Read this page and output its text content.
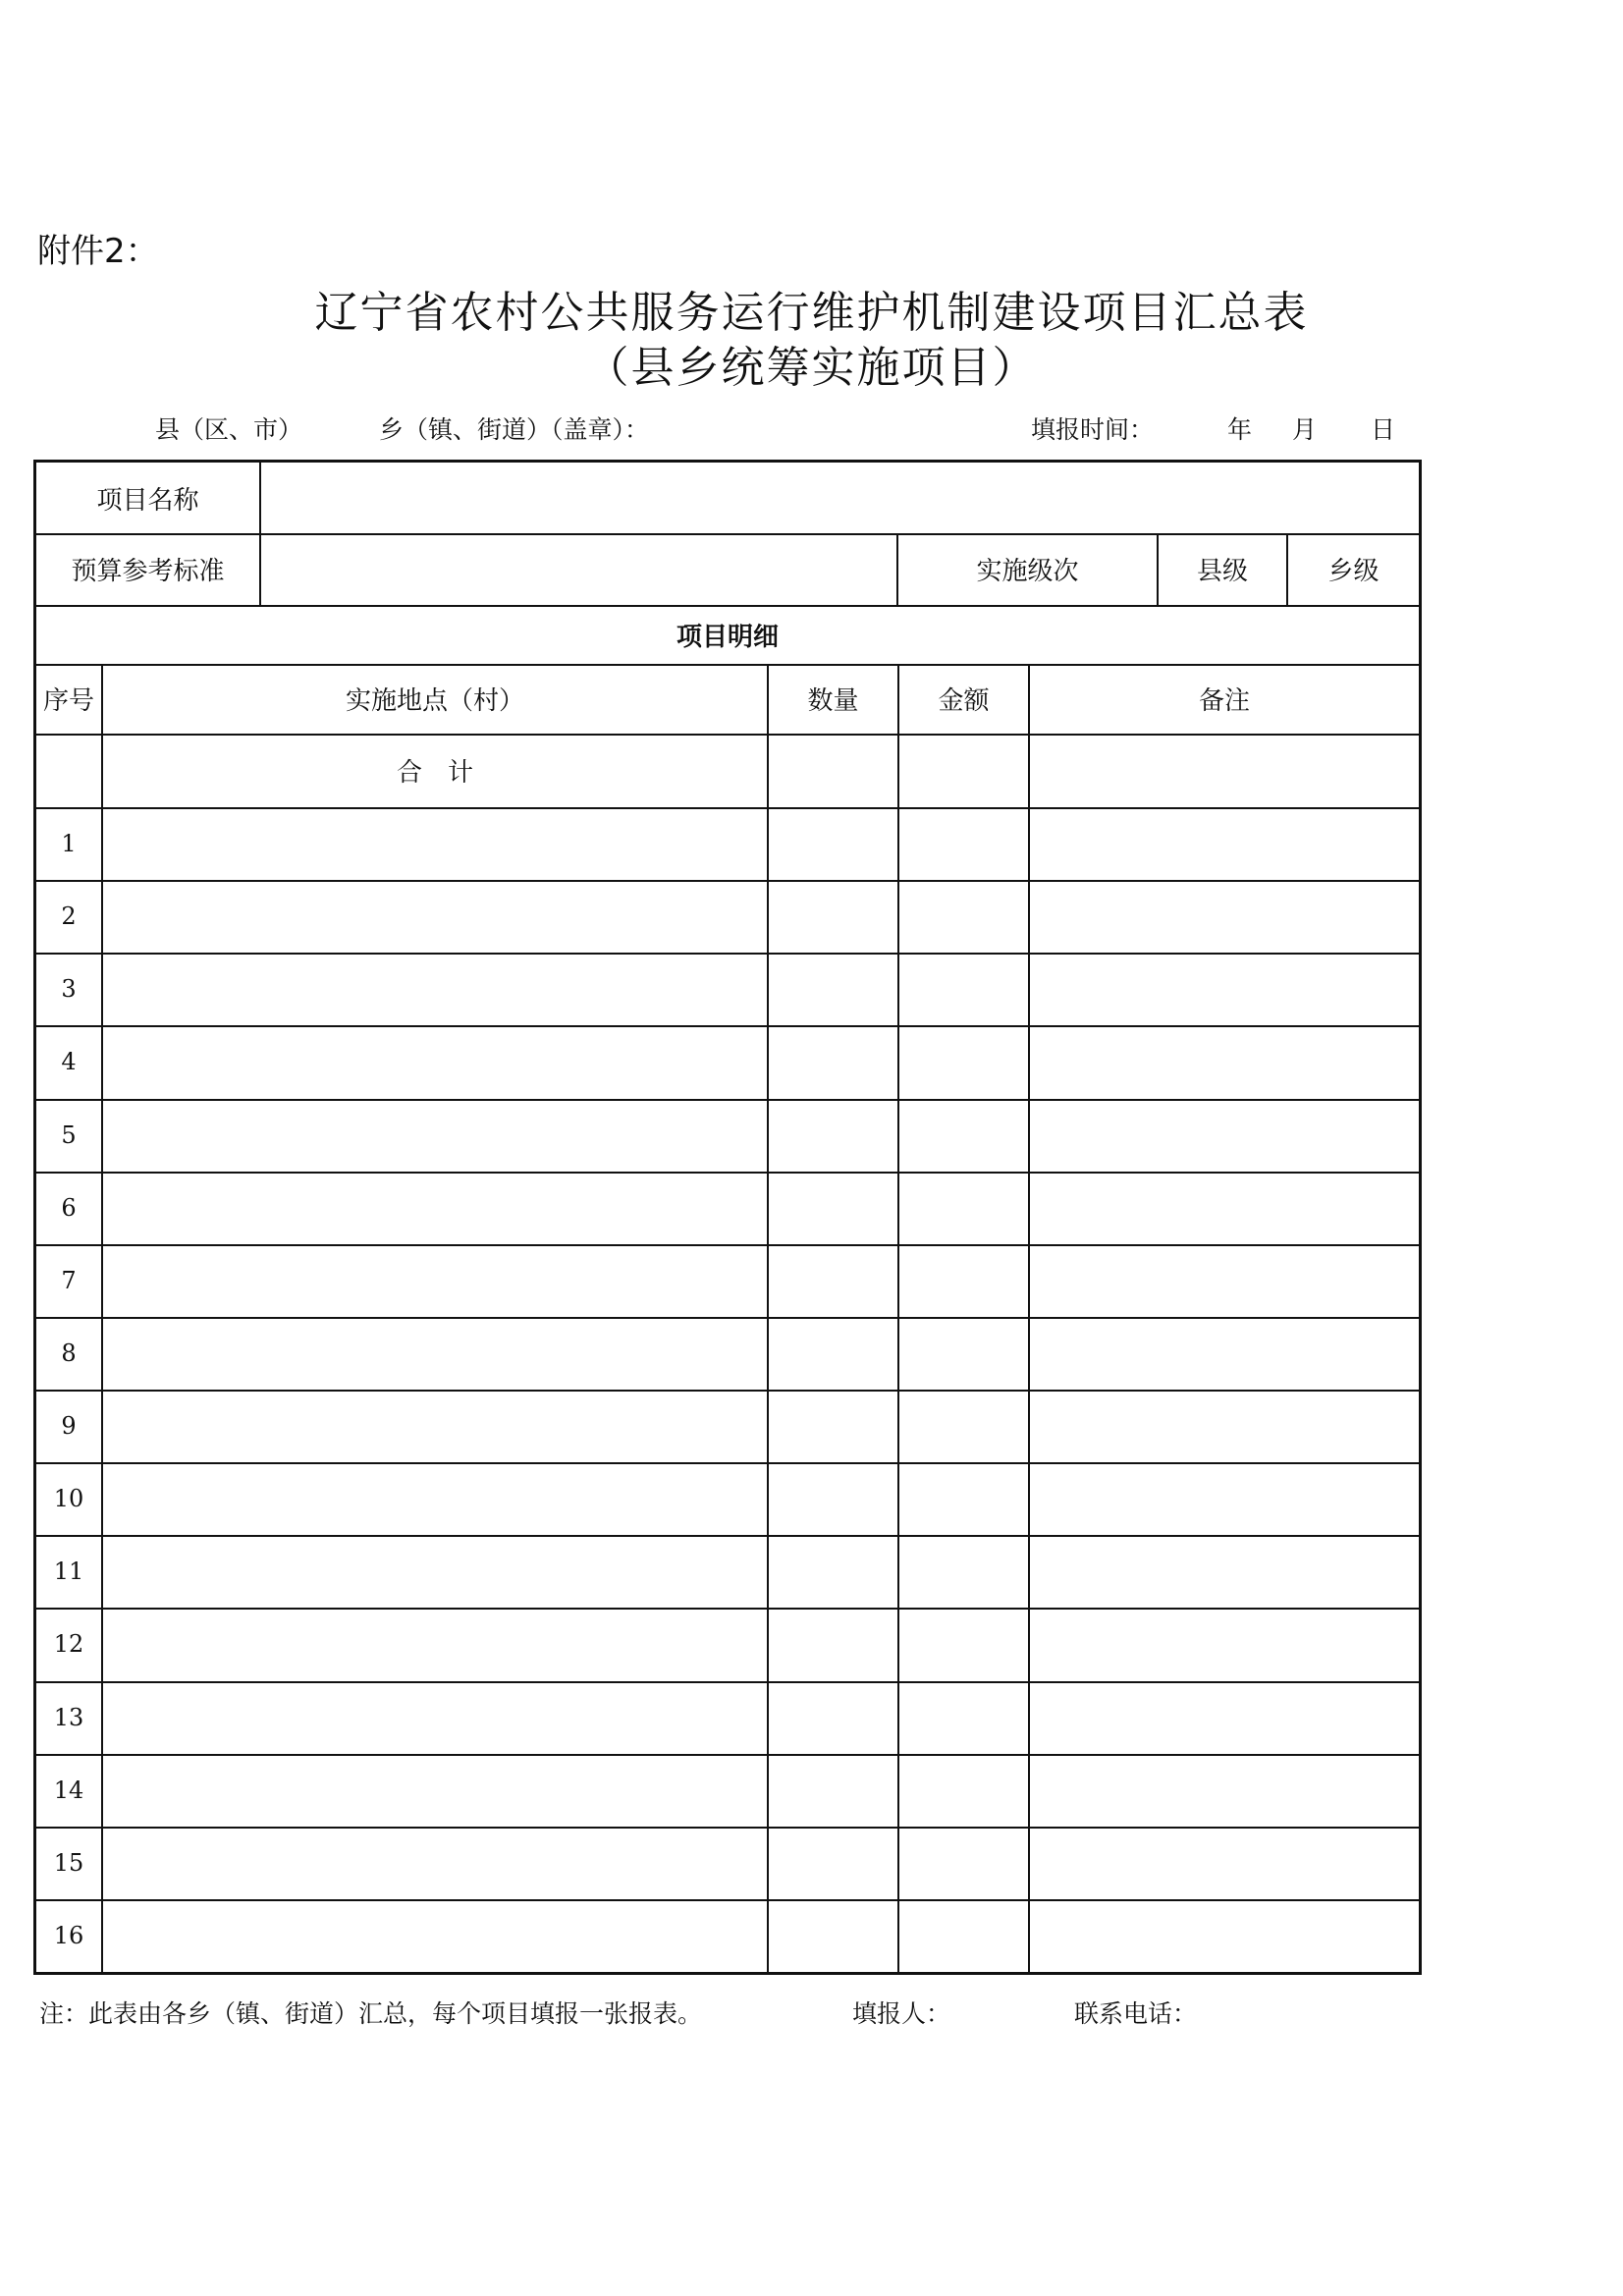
附件2：
辽宁省农村公共服务运行维护机制建设项目汇总表
（县乡统筹实施项目）
县（区、市）	乡（镇、街道）（盖章）：	填报时间：	年 月 日
项目名称
预算参考标准	实施级次	县级	乡级
项目明细
序号	实施地点（村）	数量	金额	备注
合　计
1
2
3
4
5
6
7
8
9
10
11
12
13
14
15
16
注：此表由各乡（镇、街道）汇总，每个项目填报一张报表。	填报人：	联系电话：
